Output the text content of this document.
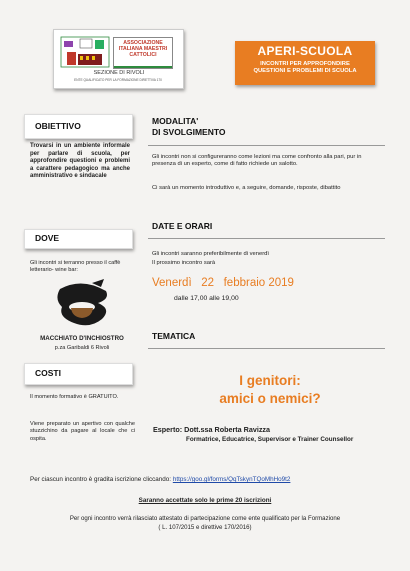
SEZIONE DI RIVOLI
ENTE QUALIFICATO PER LA FORMAZIONE DIRETTIVA 170
ASSOCIAZIONE
ITALIANA MAESTRI
CATTOLICI	APERI-SCUOLA
INCONTRI PER APPROFONDIRE
QUESTIONI E PROBLEMI DI SCUOLA
OBIETTIVO
Trovarsi in un ambiente informale per parlare di scuola, per approfondire questioni e problemi a carattere pedagogico ma anche amministrativo e sindacale
DOVE
Gli incontri si terranno presso il caffè letterario- wine bar:
MACCHIATO D'INCHIOSTRO
p.za Garibaldi 6 Rivoli
COSTI
Il momento formativo è GRATUITO.
Viene preparato un apertivo con qualche stuzzichino da pagare al locale che ci ospita.
MODALITA'
DI SVOLGIMENTO
Gli incontri non si configureranno come lezioni ma come confronto alla pari, pur in presenza di un esperto, come di fatto richiede un salotto.
Ci sarà un momento introduttivo e, a seguire, domande, risposte, dibattito
DATE E ORARI
Gli incontri saranno preferibilmente di venerdì
Il prossimo incontro sarà
Venerdì   22   febbraio 2019
dalle 17,00 alle 19,00
TEMATICA
I genitori:
amici o nemici?
Esperto: Dott.ssa Roberta Ravizza
Formatrice, Educatrice, Supervisor e Trainer Counsellor
Per ciascun incontro è gradita iscrizione cliccando: https://goo.gl/forms/QqTskynTQoMhHo9t2
Saranno accettate solo le prime 20 iscrizioni
Per ogni incontro verrà rilasciato attestato di partecipazione come ente qualificato per la Formazione
( L. 107/2015 e direttive 170/2016)
